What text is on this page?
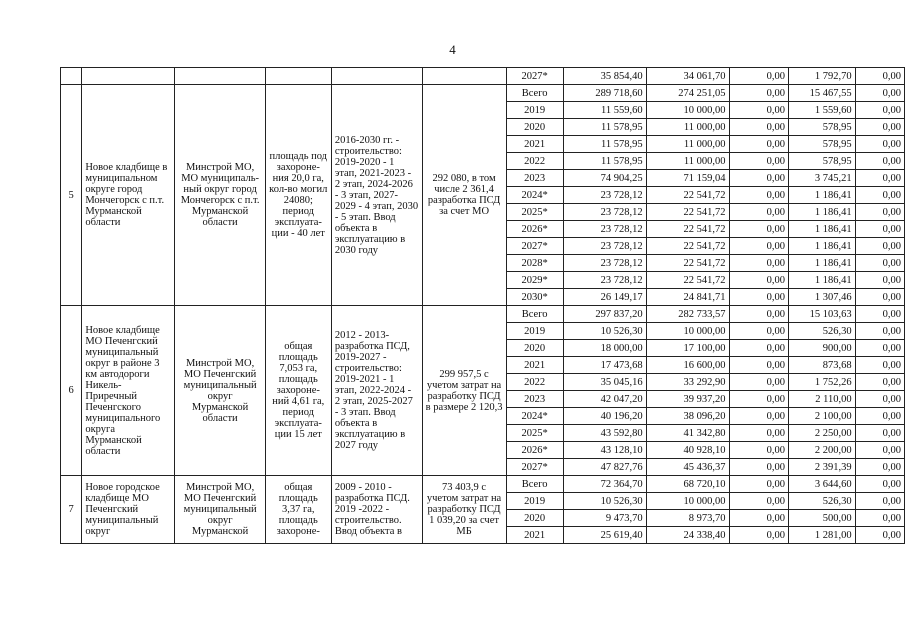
4
						2027*	35 854,40	34 061,70	0,00	1 792,70	0,00

5	Новое кладбище в муниципальном округе город Мончегорск с п.т. Мурманской области	Минстрой МО, МО муниципаль-ный округ город Мончегорск с п.т. Мурманской области	площадь под захороне-ния 20,0 га, кол-во могил 24080; период эксплуата-ции - 40 лет	2016-2030 гг. - строительство: 2019-2020 - 1 этап, 2021-2023 - 2 этап, 2024-2026 - 3 этап, 2027-2029 - 4 этап, 2030 - 5 этап. Ввод объекта в эксплуатацию в 2030 году	292 080, в том числе 2 361,4 разработка ПСД за счет МО	Всего	289 718,60	274 251,05	0,00	15 467,55	0,00
						2019	11 559,60	10 000,00	0,00	1 559,60	0,00
						2020	11 578,95	11 000,00	0,00	578,95	0,00
						2021	11 578,95	11 000,00	0,00	578,95	0,00
						2022	11 578,95	11 000,00	0,00	578,95	0,00
						2023	74 904,25	71 159,04	0,00	3 745,21	0,00
						2024*	23 728,12	22 541,72	0,00	1 186,41	0,00
						2025*	23 728,12	22 541,72	0,00	1 186,41	0,00
						2026*	23 728,12	22 541,72	0,00	1 186,41	0,00
						2027*	23 728,12	22 541,72	0,00	1 186,41	0,00
						2028*	23 728,12	22 541,72	0,00	1 186,41	0,00
						2029*	23 728,12	22 541,72	0,00	1 186,41	0,00
						2030*	26 149,17	24 841,71	0,00	1 307,46	0,00

6	Новое кладбище МО Печенгский муниципальный округ в районе 3 км автодороги Никель-Приречный Печенгского муниципального округа Мурманской области	Минстрой МО, МО Печенгский муниципальный округ Мурманской области	общая площадь 7,053 га, площадь захороне-ний 4,61 га, период эксплуата-ции 15 лет	2012 - 2013- разработка ПСД, 2019-2027 - строительство: 2019-2021 - 1 этап, 2022-2024 - 2 этап, 2025-2027 - 3 этап. Ввод объекта в эксплуатацию в 2027 году	299 957,5 с учетом затрат на разработку ПСД в размере 2 120,3	Всего	297 837,20	282 733,57	0,00	15 103,63	0,00
						2019	10 526,30	10 000,00	0,00	526,30	0,00
						2020	18 000,00	17 100,00	0,00	900,00	0,00
						2021	17 473,68	16 600,00	0,00	873,68	0,00
						2022	35 045,16	33 292,90	0,00	1 752,26	0,00
						2023	42 047,20	39 937,20	0,00	2 110,00	0,00
						2024*	40 196,20	38 096,20	0,00	2 100,00	0,00
						2025*	43 592,80	41 342,80	0,00	2 250,00	0,00
						2026*	43 128,10	40 928,10	0,00	2 200,00	0,00
						2027*	47 827,76	45 436,37	0,00	2 391,39	0,00

7	Новое городское кладбище МО Печенгский муниципальный округ	Минстрой МО, МО Печенгский муниципальный округ Мурманской	общая площадь 3,37 га, площадь захороне-	2009 - 2010 - разработка ПСД. 2019 -2022 - строительство. Ввод объекта в	73 403,9 с учетом затрат на разработку ПСД 1 039,20 за счет МБ	Всего	72 364,70	68 720,10	0,00	3 644,60	0,00
						2019	10 526,30	10 000,00	0,00	526,30	0,00
						2020	9 473,70	8 973,70	0,00	500,00	0,00
						2021	25 619,40	24 338,40	0,00	1 281,00	0,00
